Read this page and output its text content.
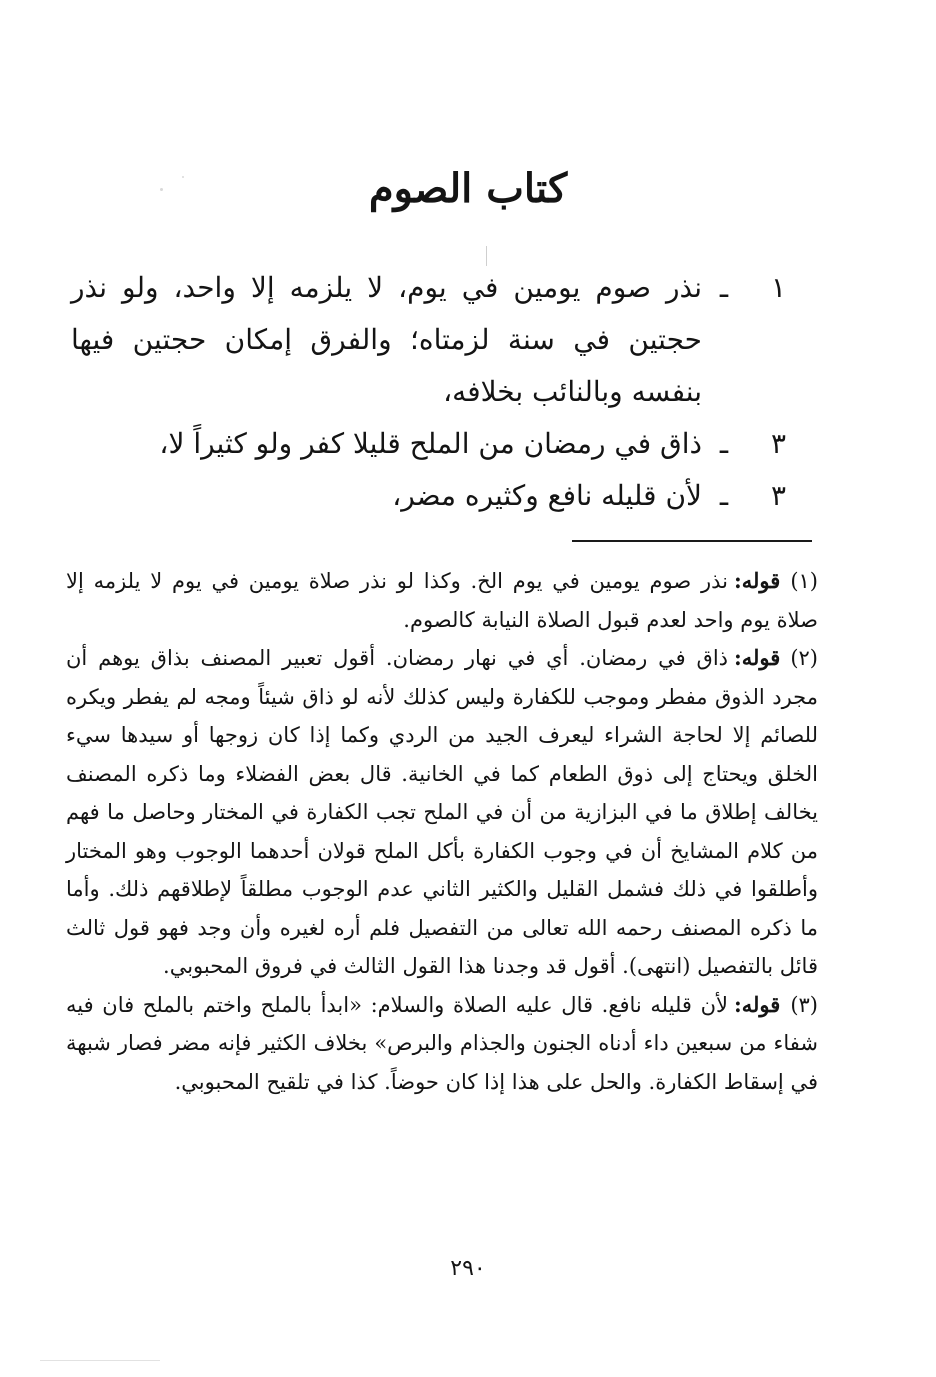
كتاب الصوم
١
ـ
نذر صوم يومين في يوم، لا يلزمه إلا واحد، ولو نذر حجتين في سنة لزمتاه؛ والفرق إمكان حجتين فيها بنفسه وبالنائب بخلافه،
٣
ـ
ذاق في رمضان من الملح قليلا كفر ولو كثيراً لا،
٣
ـ
لأن قليله نافع وكثيره مضر،

(١)قوله:نذر صوم يومين في يوم الخ. وكذا لو نذر صلاة يومين في يوم لا يلزمه إلا صلاة يوم واحد لعدم قبول الصلاة النيابة كالصوم.

(٢)قوله:ذاق في رمضان. أي في نهار رمضان. أقول تعبير المصنف بذاق يوهم أن مجرد الذوق مفطر وموجب للكفارة وليس كذلك لأنه لو ذاق شيئاً ومجه لم يفطر ويكره للصائم إلا لحاجة الشراء ليعرف الجيد من الردي وكما إذا كان زوجها أو سيدها سيء الخلق ويحتاج إلى ذوق الطعام كما في الخانية. قال بعض الفضلاء وما ذكره المصنف يخالف إطلاق ما في البزازية من أن في الملح تجب الكفارة في المختار وحاصل ما فهم من كلام المشايخ أن في وجوب الكفارة بأكل الملح قولان أحدهما الوجوب وهو المختار وأطلقوا في ذلك فشمل القليل والكثير الثاني عدم الوجوب مطلقاً لإطلاقهم ذلك. وأما ما ذكره المصنف رحمه الله تعالى من التفصيل فلم أره لغيره وأن وجد فهو قول ثالث قائل بالتفصيل (انتهى). أقول قد وجدنا هذا القول الثالث في فروق المحبوبي.

(٣)قوله:لأن قليله نافع. قال عليه الصلاة والسلام: «ابدأ بالملح واختم بالملح فان فيه شفاء من سبعين داء أدناه الجنون والجذام والبرص» بخلاف الكثير فإنه مضر فصار شبهة في إسقاط الكفارة. والحل على هذا إذا كان حوضاً. كذا في تلقيح المحبوبي.

٢٩٠
